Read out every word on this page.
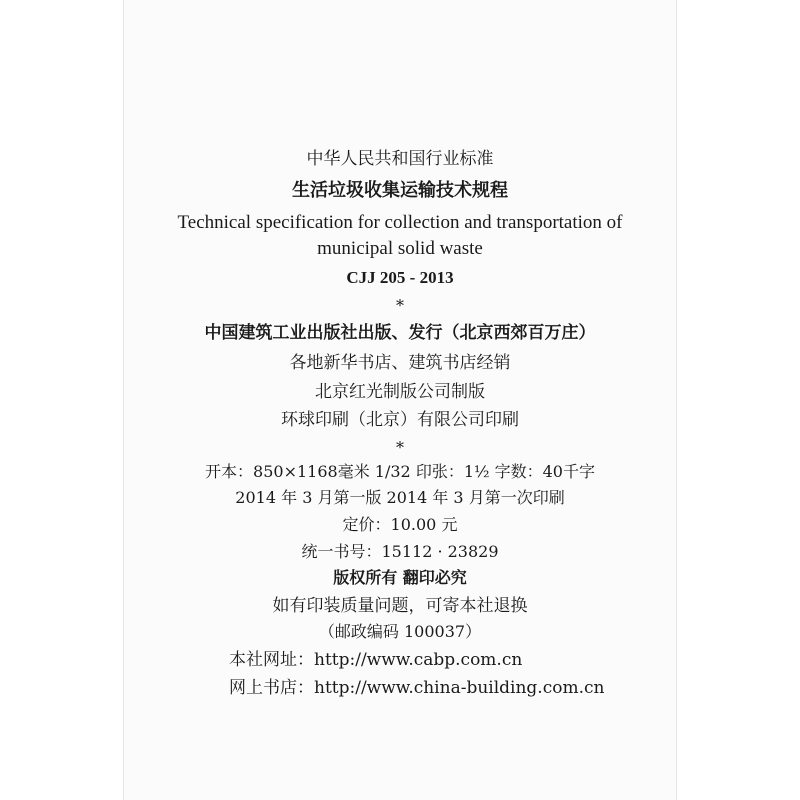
中华人民共和国行业标准
生活垃圾收集运输技术规程
Technical specification for collection and transportation of
municipal solid waste
CJJ 205 - 2013
*
中国建筑工业出版社出版、发行（北京西郊百万庄）
各地新华书店、建筑书店经销
北京红光制版公司制版
环球印刷（北京）有限公司印刷
*
开本：850×1168毫米 1/32 印张：1½ 字数：40千字
2014 年 3 月第一版 2014 年 3 月第一次印刷
定价：10.00 元
统一书号：15112 · 23829
版权所有 翻印必究
如有印装质量问题，可寄本社退换
（邮政编码 100037）
本社网址：http://www.cabp.com.cn
网上书店：http://www.china-building.com.cn
